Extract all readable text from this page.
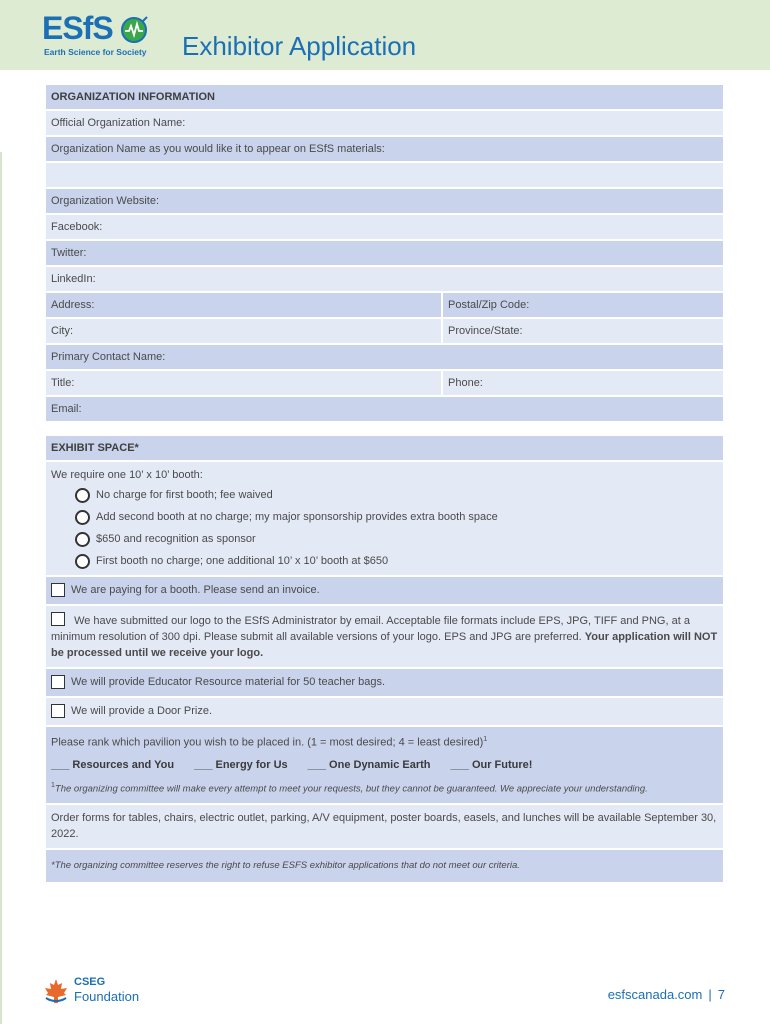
ESfS
Earth Science for Society Exhibitor Application
ORGANIZATION INFORMATION
Official Organization Name:
Organization Name as you would like it to appear on ESfS materials:
Organization Website:
Facebook:
Twitter:
LinkedIn:
Address:	Postal/Zip Code:
City:	Province/State:
Primary Contact Name:
Title:	Phone:
Email:
EXHIBIT SPACE*
We require one 10’ x 10’ booth:
No charge for first booth; fee waived
Add second booth at no charge; my major sponsorship provides extra booth space
$650 and recognition as sponsor
First booth no charge; one additional 10’ x 10’ booth at $650
We are paying for a booth. Please send an invoice.
We have submitted our logo to the ESfS Administrator by email. Acceptable file formats include EPS, JPG, TIFF and PNG, at a minimum resolution of 300 dpi. Please submit all available versions of your logo. EPS and JPG are preferred. Your application will NOT be processed until we receive your logo.
We will provide Educator Resource material for 50 teacher bags.
We will provide a Door Prize.
Please rank which pavilion you wish to be placed in. (1 = most desired; 4 = least desired)$^1$
___ Resources and You ___ Energy for Us ___ One Dynamic Earth ___ Our Future!
$^1$The organizing committee will make every attempt to meet your requests, but they cannot be guaranteed. We appreciate your understanding.
Order forms for tables, chairs, electric outlet, parking, A/V equipment, poster boards, easels, and lunches will be available September 30, 2022.
*The organizing committee reserves the right to refuse ESFS exhibitor applications that do not meet our criteria.
CSEG
Foundation	esfscanada.com | 7
